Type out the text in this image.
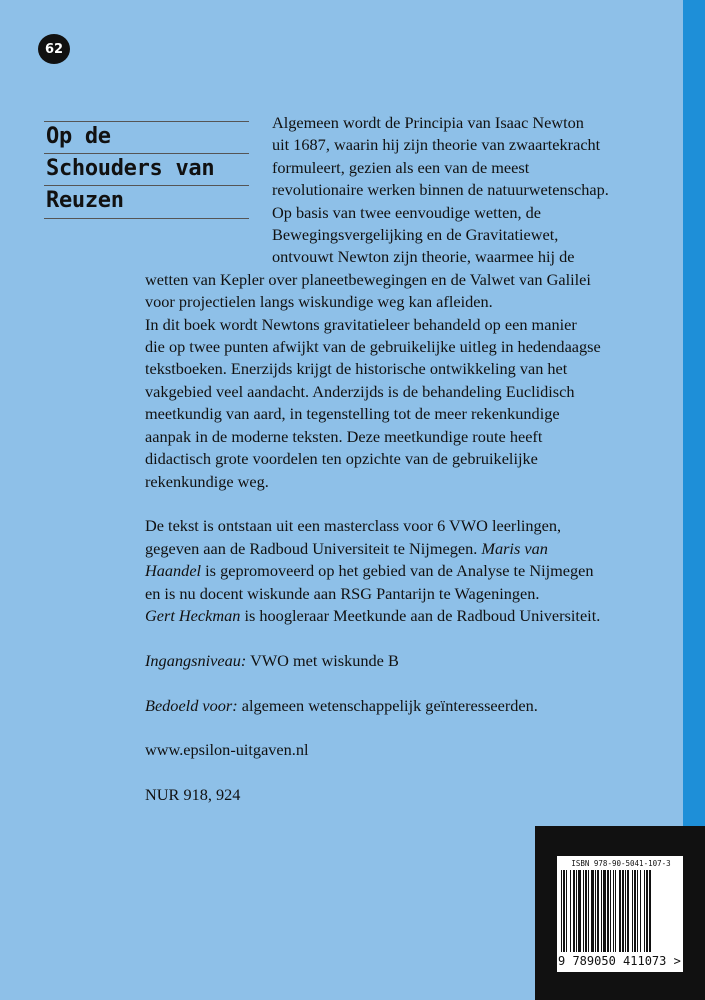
62
Op de
Schouders van
Reuzen

Algemeen wordt de Principia van Isaac Newton
uit 1687, waarin hij zijn theorie van zwaartekracht
formuleert, gezien als een van de meest
revolutionaire werken binnen de natuurwetenschap.
Op basis van twee eenvoudige wetten, de
Bewegingsvergelijking en de Gravitatiewet,
ontvouwt Newton zijn theorie, waarmee hij de
wetten van Kepler over planeetbewegingen en de Valwet van Galilei
voor projectielen langs wiskundige weg kan afleiden.

In dit boek wordt Newtons gravitatieleer behandeld op een manier
die op twee punten afwijkt van de gebruikelijke uitleg in hedendaagse
tekstboeken. Enerzijds krijgt de historische ontwikkeling van het
vakgebied veel aandacht. Anderzijds is de behandeling Euclidisch
meetkundig van aard, in tegenstelling tot de meer rekenkundige
aanpak in de moderne teksten. Deze meetkundige route heeft
didactisch grote voordelen ten opzichte van de gebruikelijke
rekenkundige weg.

De tekst is ontstaan uit een masterclass voor 6 VWO leerlingen,
gegeven aan de Radboud Universiteit te Nijmegen. Maris van
Haandel is gepromoveerd op het gebied van de Analyse te Nijmegen
en is nu docent wiskunde aan RSG Pantarijn te Wageningen.
Gert Heckman is hoogleraar Meetkunde aan de Radboud Universiteit.

Ingangsniveau: VWO met wiskunde B

Bedoeld voor: algemeen wetenschappelijk geïnteresseerden.

www.epsilon-uitgaven.nl

NUR 918, 924

ISBN 978-90-5041-107-3
9 789050 411073 >
